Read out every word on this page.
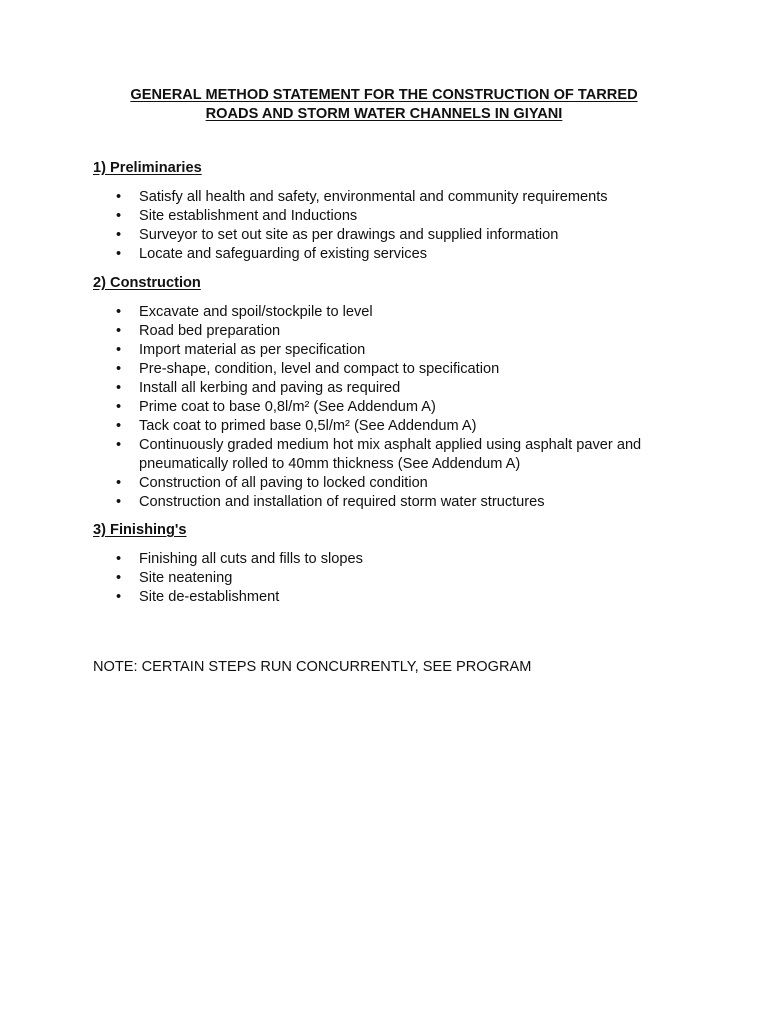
GENERAL METHOD STATEMENT FOR THE CONSTRUCTION OF TARRED
ROADS AND STORM WATER CHANNELS IN GIYANI

1) Preliminaries

•	Satisfy all health and safety, environmental and community requirements
•	Site establishment and Inductions
•	Surveyor to set out site as per drawings and supplied information
•	Locate and safeguarding of existing services

2) Construction

•	Excavate and spoil/stockpile to level
•	Road bed preparation
•	Import material as per specification
•	Pre-shape, condition, level and compact to specification
•	Install all kerbing and paving as required
•	Prime coat to base 0,8l/m² (See Addendum A)
•	Tack coat to primed base 0,5l/m² (See Addendum A)
•	Continuously graded medium hot mix asphalt applied using asphalt paver and pneumatically rolled to 40mm thickness (See Addendum A)
•	Construction of all paving to locked condition
•	Construction and installation of required storm water structures

3) Finishing's

•	Finishing all cuts and fills to slopes
•	Site neatening
•	Site de-establishment

NOTE: CERTAIN STEPS RUN CONCURRENTLY, SEE PROGRAM
